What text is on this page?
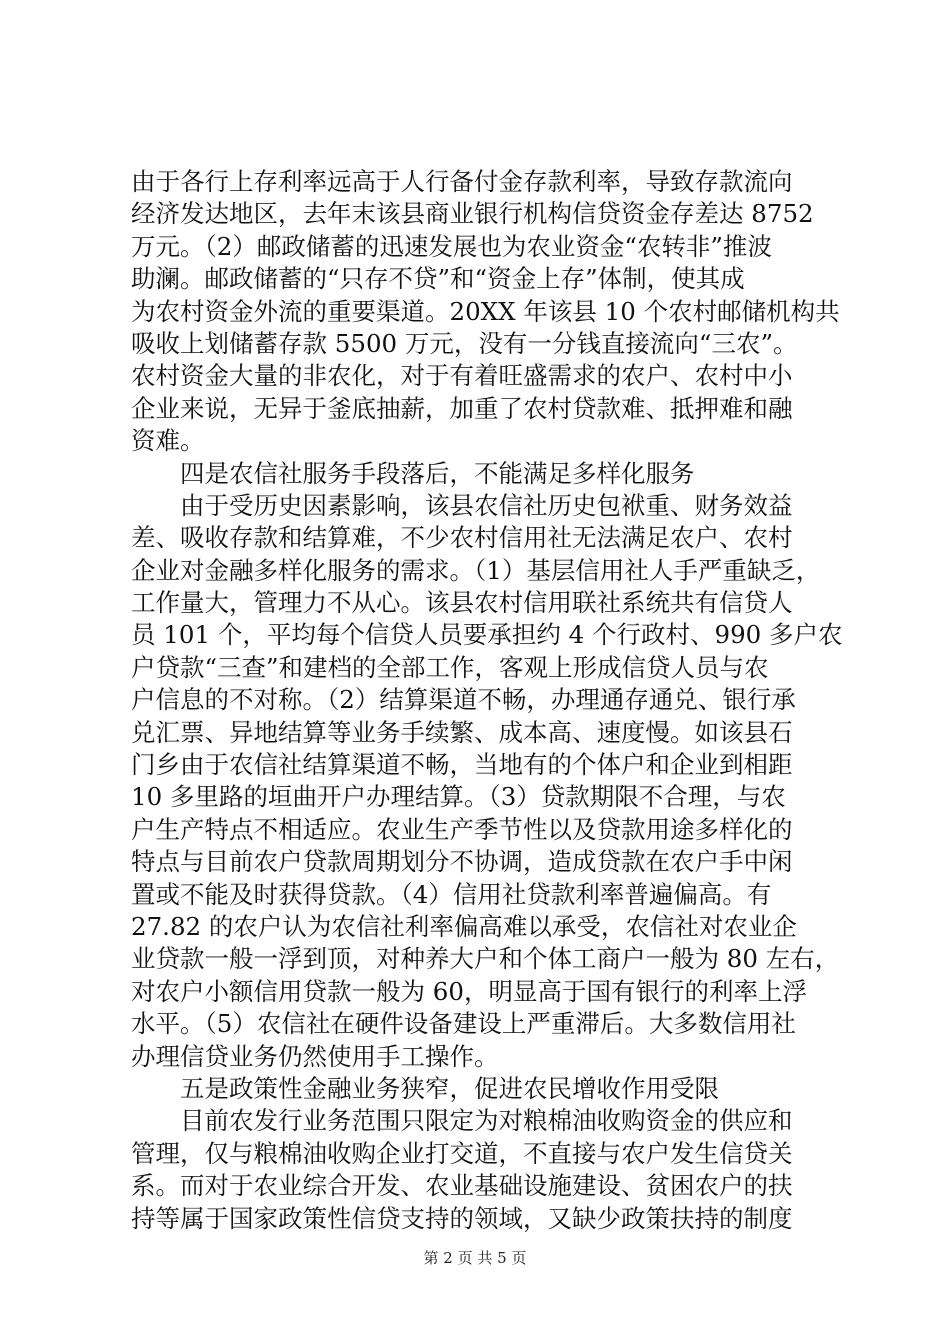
由于各行上存利率远高于人行备付金存款利率，导致存款流向
经济发达地区，去年末该县商业银行机构信贷资金存差达 8752
万元。（2）邮政储蓄的迅速发展也为农业资金“农转非”推波
助澜。邮政储蓄的“只存不贷”和“资金上存”体制，使其成
为农村资金外流的重要渠道。20XX 年该县 10 个农村邮储机构共
吸收上划储蓄存款 5500 万元，没有一分钱直接流向“三农”。
农村资金大量的非农化，对于有着旺盛需求的农户、农村中小
企业来说，无异于釜底抽薪，加重了农村贷款难、抵押难和融
资难。
　　四是农信社服务手段落后，不能满足多样化服务
　　由于受历史因素影响，该县农信社历史包袱重、财务效益
差、吸收存款和结算难，不少农村信用社无法满足农户、农村
企业对金融多样化服务的需求。（1）基层信用社人手严重缺乏，
工作量大，管理力不从心。该县农村信用联社系统共有信贷人
员 101 个，平均每个信贷人员要承担约 4 个行政村、990 多户农
户贷款“三查”和建档的全部工作，客观上形成信贷人员与农
户信息的不对称。（2）结算渠道不畅，办理通存通兑、银行承
兑汇票、异地结算等业务手续繁、成本高、速度慢。如该县石
门乡由于农信社结算渠道不畅，当地有的个体户和企业到相距
10 多里路的垣曲开户办理结算。（3）贷款期限不合理，与农
户生产特点不相适应。农业生产季节性以及贷款用途多样化的
特点与目前农户贷款周期划分不协调，造成贷款在农户手中闲
置或不能及时获得贷款。（4）信用社贷款利率普遍偏高。有
27.82 的农户认为农信社利率偏高难以承受，农信社对农业企
业贷款一般一浮到顶，对种养大户和个体工商户一般为 80 左右，
对农户小额信用贷款一般为 60，明显高于国有银行的利率上浮
水平。（5）农信社在硬件设备建设上严重滞后。大多数信用社
办理信贷业务仍然使用手工操作。
　　五是政策性金融业务狭窄，促进农民增收作用受限
　　目前农发行业务范围只限定为对粮棉油收购资金的供应和
管理，仅与粮棉油收购企业打交道，不直接与农户发生信贷关
系。而对于农业综合开发、农业基础设施建设、贫困农户的扶
持等属于国家政策性信贷支持的领域，又缺少政策扶持的制度
第 2 页 共 5 页
